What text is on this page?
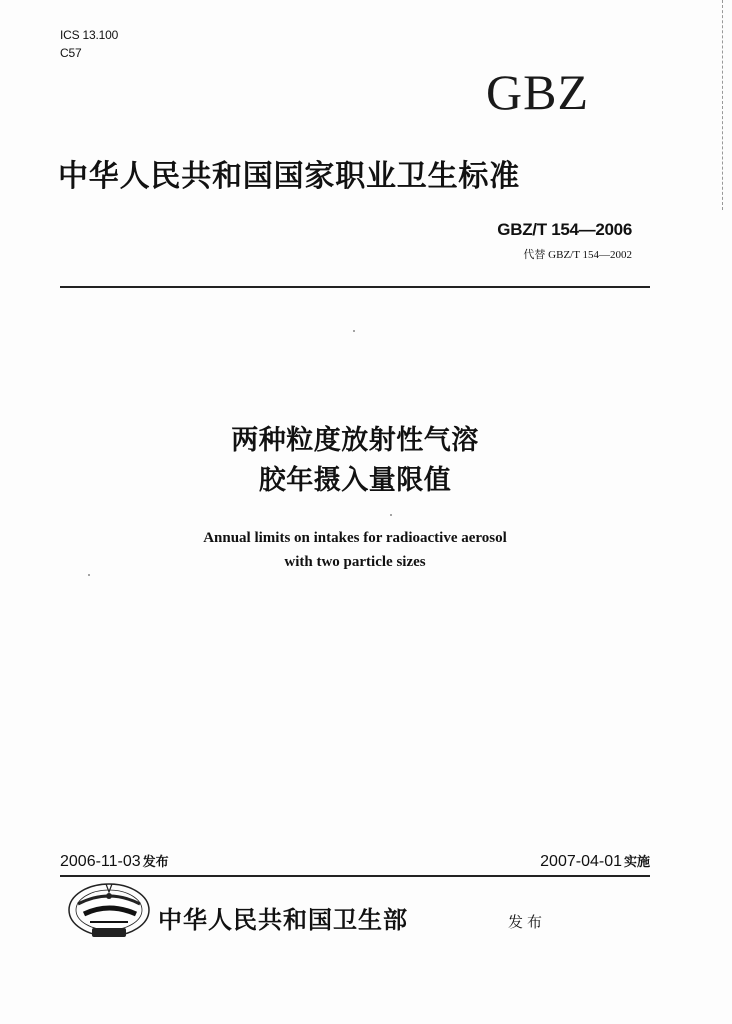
ICS 13.100
C57
GBZ
中华人民共和国国家职业卫生标准
GBZ/T 154—2006
代替 GBZ/T 154—2002
两种粒度放射性气溶
胶年摄入量限值
Annual limits on intakes for radioactive aerosol
with two particle sizes
2006-11-03 发布	2007-04-01 实施
中华人民共和国卫生部	发布
